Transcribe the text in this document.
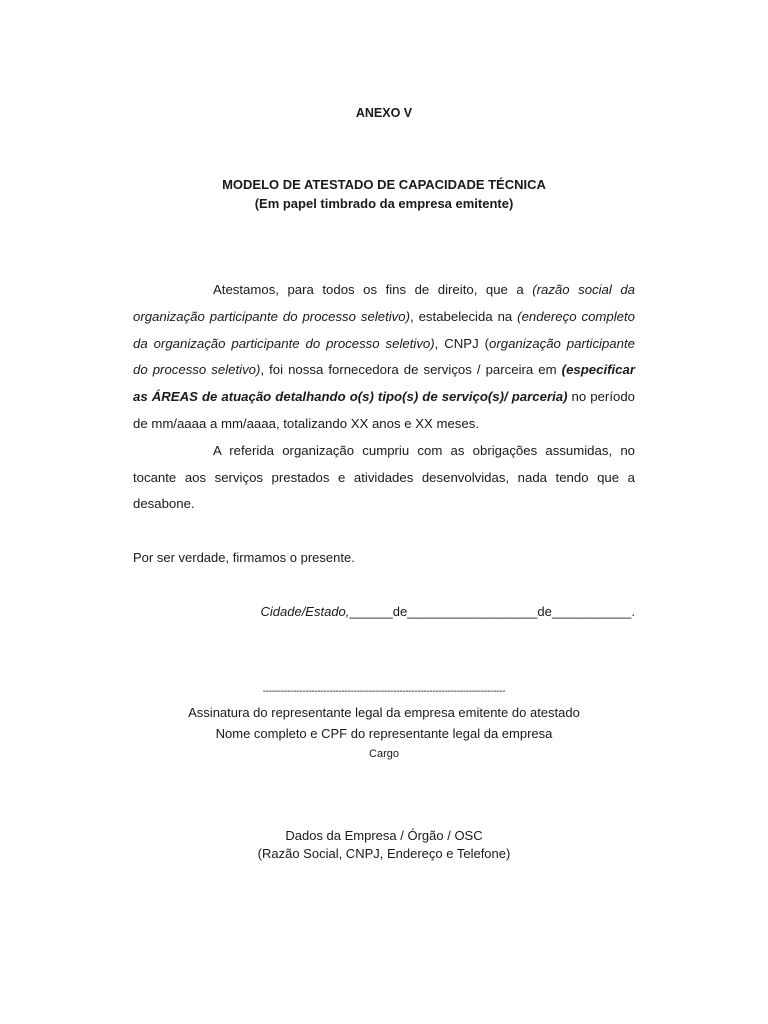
ANEXO V
MODELO DE ATESTADO DE CAPACIDADE TÉCNICA
(Em papel timbrado da empresa emitente)

Atestamos, para todos os fins de direito, que a (razão social da organização participante do processo seletivo), estabelecida na (endereço completo da organização participante do processo seletivo), CNPJ (organização participante do processo seletivo), foi nossa fornecedora de serviços / parceira em (especificar as ÁREAS de atuação detalhando o(s) tipo(s) de serviço(s)/ parceria) no período de mm/aaaa a mm/aaaa, totalizando XX anos e XX meses.

A referida organização cumpriu com as obrigações assumidas, no tocante aos serviços prestados e atividades desenvolvidas, nada tendo que a desabone.

Por ser verdade, firmamos o presente.
Cidade/Estado,______de__________________de___________.
--------------------------------------------------------------------------------
Assinatura do representante legal da empresa emitente do atestado
Nome completo e CPF do representante legal da empresa
Cargo
Dados da Empresa / Órgão / OSC
(Razão Social, CNPJ, Endereço e Telefone)
